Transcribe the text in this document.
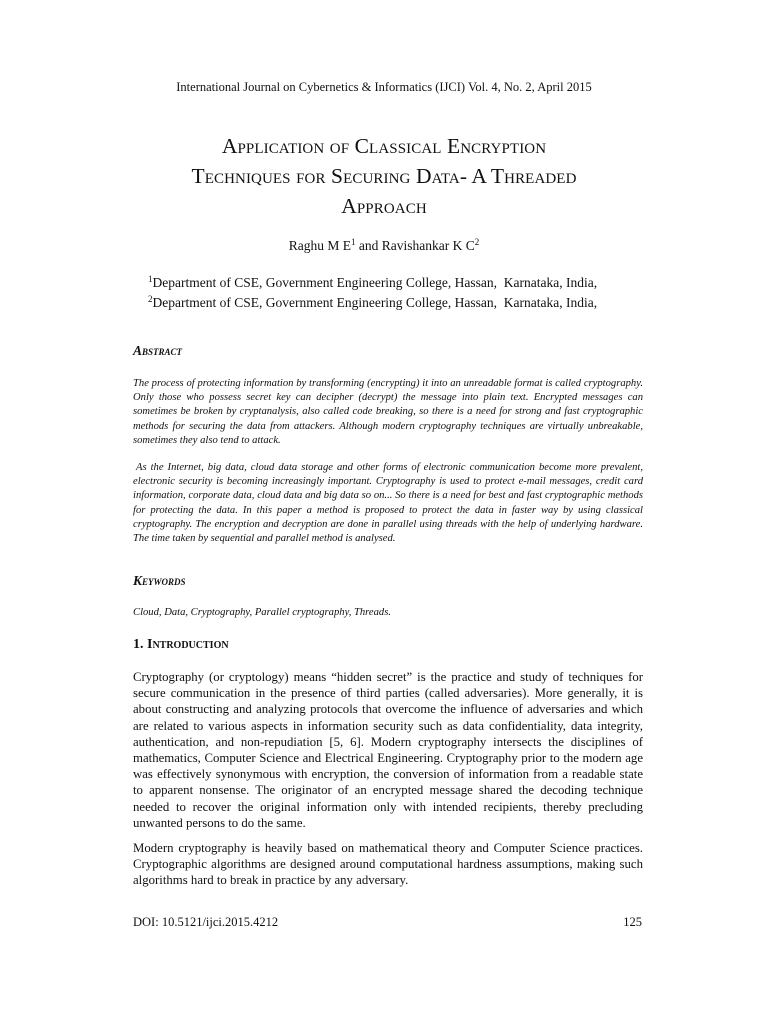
International Journal on Cybernetics & Informatics (IJCI) Vol. 4, No. 2, April 2015
Application of Classical Encryption
Techniques for Securing Data- A Threaded
Approach
Raghu M $E^1$ and Ravishankar K $C^2$
$^1$Department of CSE, Government Engineering College, Hassan,  Karnataka, India,
$^2$Department of CSE, Government Engineering College, Hassan,  Karnataka, India,
Abstract
The process of protecting information by transforming (encrypting) it into an unreadable format is called cryptography. Only those who possess secret key can decipher (decrypt) the message into plain text. Encrypted messages can sometimes be broken by cryptanalysis, also called code breaking, so there is a need for strong and fast cryptographic methods for securing the data from attackers. Although modern cryptography techniques are virtually unbreakable, sometimes they also tend to attack.
As the Internet, big data, cloud data storage and other forms of electronic communication become more prevalent, electronic security is becoming increasingly important. Cryptography is used to protect e-mail messages, credit card information, corporate data, cloud data and big data so on... So there is a need for best and fast cryptographic methods for protecting the data. In this paper a method is proposed to protect the data in faster way by using classical cryptography. The encryption and decryption are done in parallel using threads with the help of underlying hardware. The time taken by sequential and parallel method is analysed.
Keywords
Cloud, Data, Cryptography, Parallel cryptography, Threads.
1. Introduction
Cryptography (or cryptology) means “hidden secret” is the practice and study of techniques for secure communication in the presence of third parties (called adversaries). More generally, it is about constructing and analyzing protocols that overcome the influence of adversaries and which are related to various aspects in information security such as data confidentiality, data integrity, authentication, and non-repudiation [5, 6]. Modern cryptography intersects the disciplines of mathematics, Computer Science and Electrical Engineering. Cryptography prior to the modern age was effectively synonymous with encryption, the conversion of information from a readable state to apparent nonsense. The originator of an encrypted message shared the decoding technique needed to recover the original information only with intended recipients, thereby precluding unwanted persons to do the same.
Modern cryptography is heavily based on mathematical theory and Computer Science practices. Cryptographic algorithms are designed around computational hardness assumptions, making such algorithms hard to break in practice by any adversary.
DOI: 10.5121/ijci.2015.4212	125
